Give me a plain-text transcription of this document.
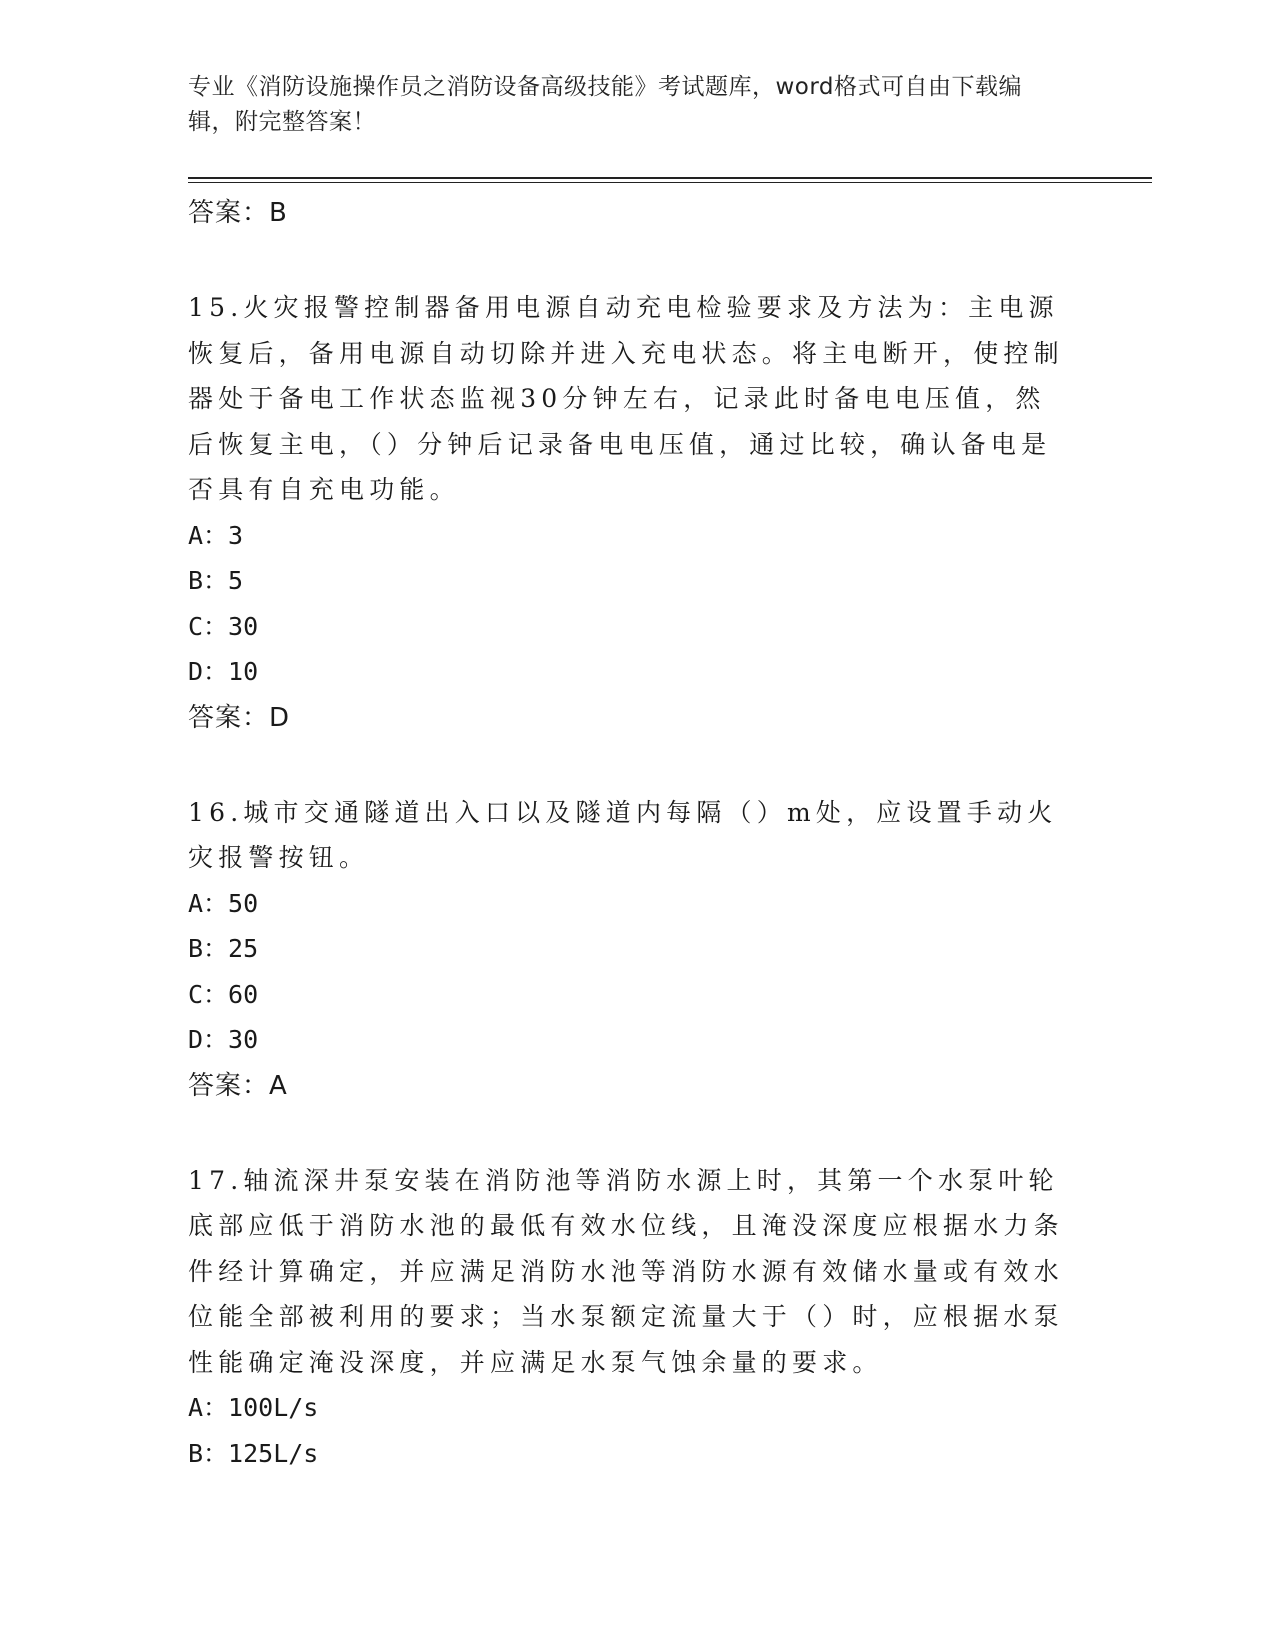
专业《消防设施操作员之消防设备高级技能》考试题库，word格式可自由下载编辑，附完整答案！
答案：B
15.火灾报警控制器备用电源自动充电检验要求及方法为：主电源恢复后，备用电源自动切除并进入充电状态。将主电断开，使控制器处于备电工作状态监视30分钟左右，记录此时备电电压值，然后恢复主电，（）分钟后记录备电电压值，通过比较，确认备电是否具有自充电功能。
A：3
B：5
C：30
D：10
答案：D
16.城市交通隧道出入口以及隧道内每隔（）m处，应设置手动火灾报警按钮。
A：50
B：25
C：60
D：30
答案：A
17.轴流深井泵安装在消防池等消防水源上时，其第一个水泵叶轮底部应低于消防水池的最低有效水位线，且淹没深度应根据水力条件经计算确定，并应满足消防水池等消防水源有效储水量或有效水位能全部被利用的要求；当水泵额定流量大于（）时，应根据水泵性能确定淹没深度，并应满足水泵气蚀余量的要求。
A：100L/s
B：125L/s
